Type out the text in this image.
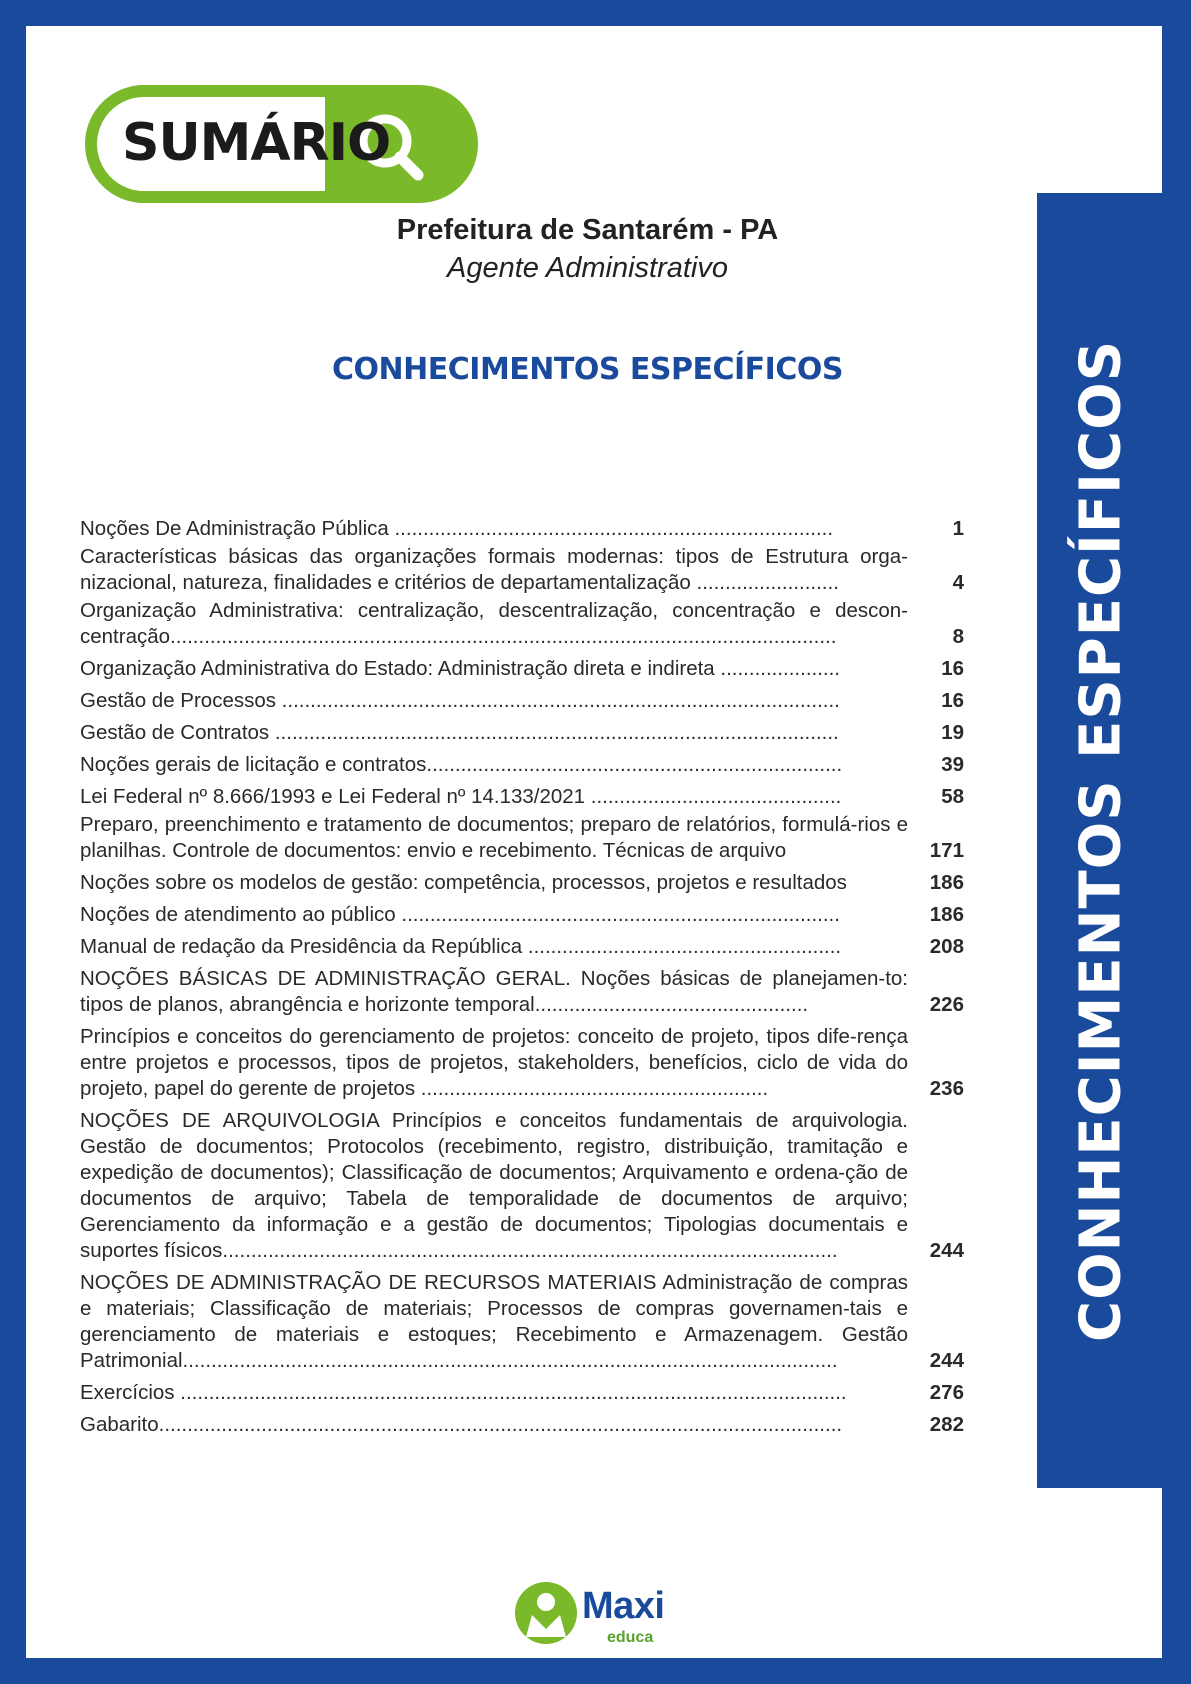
CONHECIMENTOS ESPECÍFICOS
SUMÁRIO
Prefeitura de Santarém - PA
Agente Administrativo
CONHECIMENTOS ESPECÍFICOS
Noções De Administração Pública .............................................................................	1
Características básicas das organizações formais modernas: tipos de Estrutura orga-nizacional, natureza, finalidades e critérios de departamentalização .........................	4
Organização Administrativa: centralização, descentralização, concentração e descon-centração.....................................................................................................................	8
Organização Administrativa do Estado: Administração direta e indireta .....................	16
Gestão de Processos ..................................................................................................	16
Gestão de Contratos ...................................................................................................	19
Noções gerais de licitação e contratos.........................................................................	39
Lei Federal nº 8.666/1993 e Lei Federal nº 14.133/2021 ............................................	58
Preparo, preenchimento e tratamento de documentos; preparo de relatórios, formulá-rios e planilhas. Controle de documentos: envio e recebimento. Técnicas de arquivo	171
Noções sobre os modelos de gestão: competência, processos, projetos e resultados	186
Noções de atendimento ao público .............................................................................	186
Manual de redação da Presidência da República .......................................................	208
NOÇÕES BÁSICAS DE ADMINISTRAÇÃO GERAL. Noções básicas de planejamen-to: tipos de planos, abrangência e horizonte temporal................................................	226
Princípios e conceitos do gerenciamento de projetos: conceito de projeto, tipos dife-rença entre projetos e processos, tipos de projetos, stakeholders, benefícios, ciclo de vida do projeto, papel do gerente de projetos .............................................................	236
NOÇÕES DE ARQUIVOLOGIA Princípios e conceitos fundamentais de arquivologia. Gestão de documentos; Protocolos (recebimento, registro, distribuição, tramitação e expedição de documentos); Classificação de documentos; Arquivamento e ordena-ção de documentos de arquivo; Tabela de temporalidade de documentos de arquivo; Gerenciamento da informação e a gestão de documentos; Tipologias documentais e suportes físicos............................................................................................................	244
NOÇÕES DE ADMINISTRAÇÃO DE RECURSOS MATERIAIS Administração de compras e materiais; Classificação de materiais; Processos de compras governamen-tais e gerenciamento de materiais e estoques; Recebimento e Armazenagem. Gestão Patrimonial...................................................................................................................	244
Exercícios .....................................................................................................................	276
Gabarito........................................................................................................................	282
Maxi
educa
